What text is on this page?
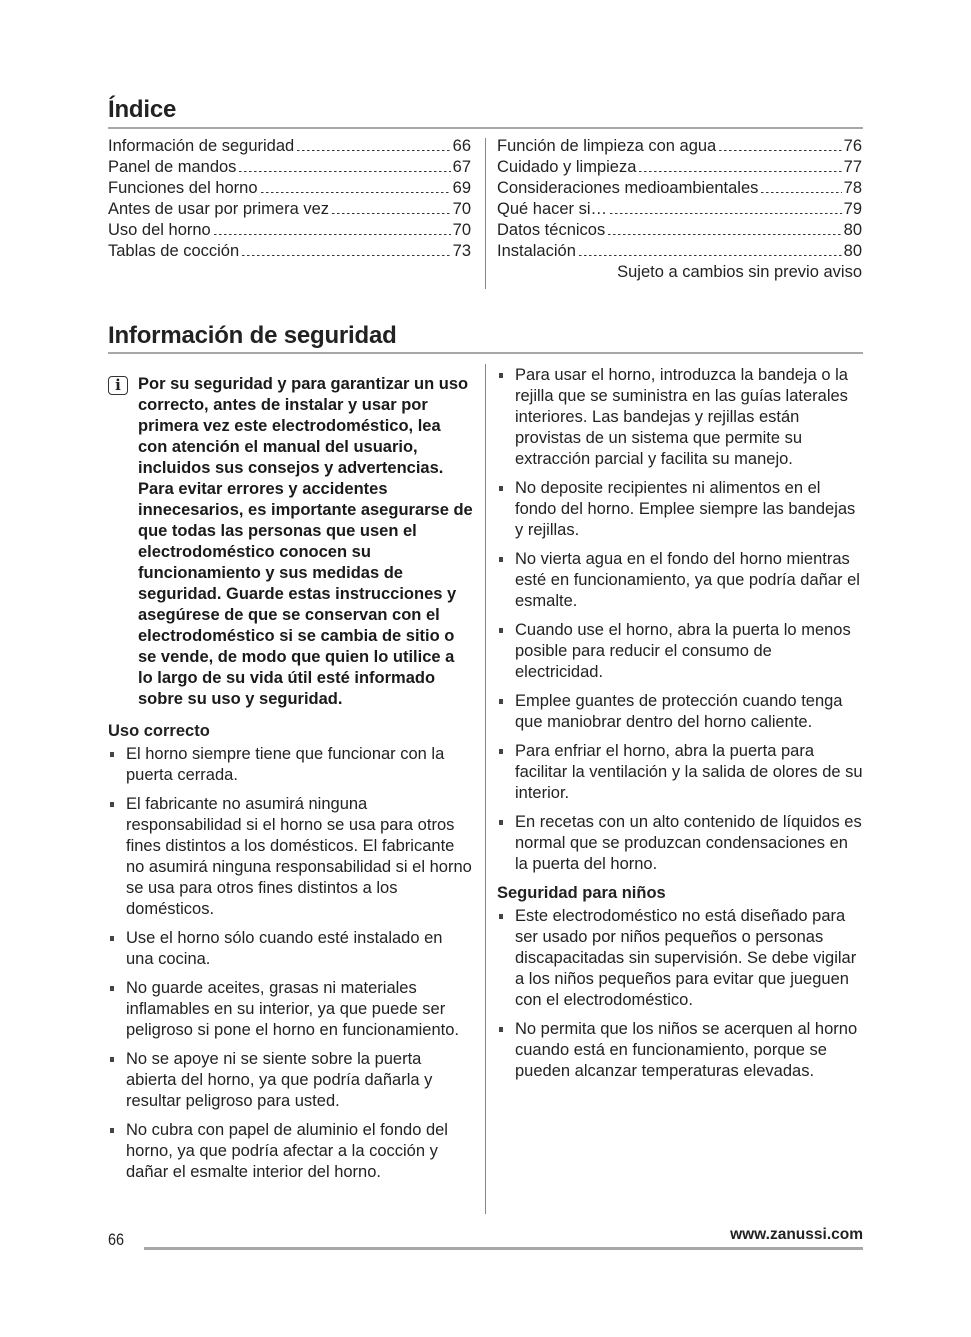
Índice
Información de seguridad	66
Panel de mandos	67
Funciones del horno	69
Antes de usar por primera vez	70
Uso del horno	70
Tablas de cocción	73
Función de limpieza con agua	76
Cuidado y limpieza	77
Consideraciones medioambientales	78
Qué hacer si…	79
Datos técnicos	80
Instalación	80
Sujeto a cambios sin previo aviso
Información de seguridad
i	Por su seguridad y para garantizar un uso correcto, antes de instalar y usar por primera vez este electrodoméstico, lea con atención el manual del usuario, incluidos sus consejos y advertencias. Para evitar errores y accidentes innecesarios, es importante asegurarse de que todas las personas que usen el electrodoméstico conocen su funcionamiento y sus medidas de seguridad. Guarde estas instrucciones y asegúrese de que se conservan con el electrodoméstico si se cambia de sitio o se vende, de modo que quien lo utilice a lo largo de su vida útil esté informado sobre su uso y seguridad.
Uso correcto
El horno siempre tiene que funcionar con la puerta cerrada.
El fabricante no asumirá ninguna responsabilidad si el horno se usa para otros fines distintos a los domésticos. El fabricante no asumirá ninguna responsabilidad si el horno se usa para otros fines distintos a los domésticos.
Use el horno sólo cuando esté instalado en una cocina.
No guarde aceites, grasas ni materiales inflamables en su interior, ya que puede ser peligroso si pone el horno en funcionamiento.
No se apoye ni se siente sobre la puerta abierta del horno, ya que podría dañarla y resultar peligroso para usted.
No cubra con papel de aluminio el fondo del horno, ya que podría afectar a la cocción y dañar el esmalte interior del horno.
Para usar el horno, introduzca la bandeja o la rejilla que se suministra en las guías laterales interiores. Las bandejas y rejillas están provistas de un sistema que permite su extracción parcial y facilita su manejo.
No deposite recipientes ni alimentos en el fondo del horno. Emplee siempre las bandejas y rejillas.
No vierta agua en el fondo del horno mientras esté en funcionamiento, ya que podría dañar el esmalte.
Cuando use el horno, abra la puerta lo menos posible para reducir el consumo de electricidad.
Emplee guantes de protección cuando tenga que maniobrar dentro del horno caliente.
Para enfriar el horno, abra la puerta para facilitar la ventilación y la salida de olores de su interior.
En recetas con un alto contenido de líquidos es normal que se produzcan condensaciones en la puerta del horno.
Seguridad para niños
Este electrodoméstico no está diseñado para ser usado por niños pequeños o personas discapacitadas sin supervisión. Se debe vigilar a los niños pequeños para evitar que jueguen con el electrodoméstico.
No permita que los niños se acerquen al horno cuando está en funcionamiento, porque se pueden alcanzar temperaturas elevadas.
66	www.zanussi.com
